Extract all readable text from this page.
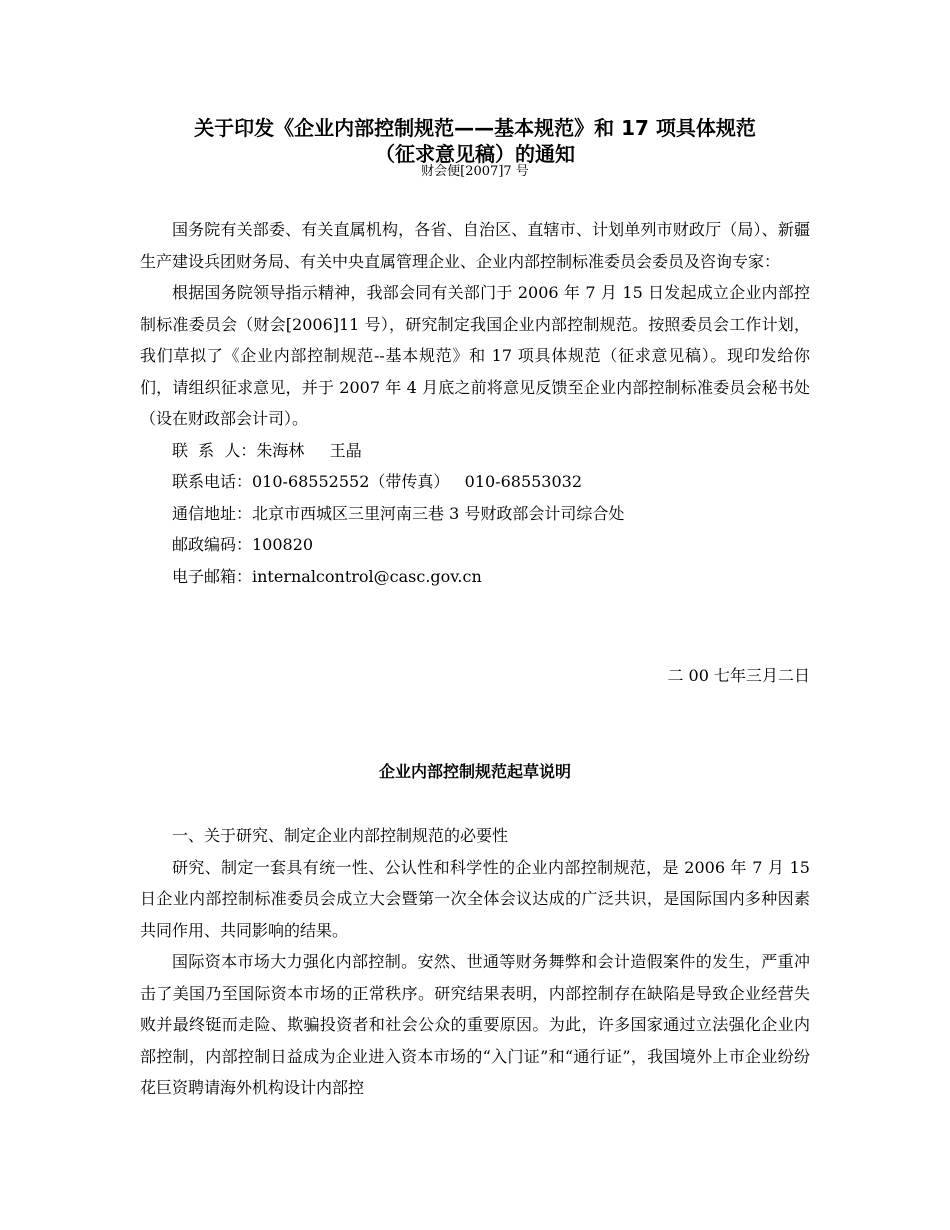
关于印发《企业内部控制规范——基本规范》和 17 项具体规范
（征求意见稿）的通知

财会便[2007]7 号

国务院有关部委、有关直属机构，各省、自治区、直辖市、计划单列市财政厅（局）、新疆生产建设兵团财务局、有关中央直属管理企业、企业内部控制标准委员会委员及咨询专家：

根据国务院领导指示精神，我部会同有关部门于 2006 年 7 月 15 日发起成立企业内部控制标准委员会（财会[2006]11 号），研究制定我国企业内部控制规范。按照委员会工作计划，我们草拟了《企业内部控制规范--基本规范》和 17 项具体规范（征求意见稿）。现印发给你们，请组织征求意见，并于 2007 年 4 月底之前将意见反馈至企业内部控制标准委员会秘书处（设在财政部会计司）。

联  系  人：朱海林     王晶
联系电话：010-68552552（带传真）   010-68553032
通信地址：北京市西城区三里河南三巷 3 号财政部会计司综合处
邮政编码：100820
电子邮箱：internalcontrol@casc.gov.cn

二 00 七年三月二日

企业内部控制规范起草说明

一、关于研究、制定企业内部控制规范的必要性

研究、制定一套具有统一性、公认性和科学性的企业内部控制规范，是 2006 年 7 月 15 日企业内部控制标准委员会成立大会暨第一次全体会议达成的广泛共识，是国际国内多种因素共同作用、共同影响的结果。

国际资本市场大力强化内部控制。安然、世通等财务舞弊和会计造假案件的发生，严重冲击了美国乃至国际资本市场的正常秩序。研究结果表明，内部控制存在缺陷是导致企业经营失败并最终铤而走险、欺骗投资者和社会公众的重要原因。为此，许多国家通过立法强化企业内部控制，内部控制日益成为企业进入资本市场的“入门证”和“通行证”，我国境外上市企业纷纷花巨资聘请海外机构设计内部控
